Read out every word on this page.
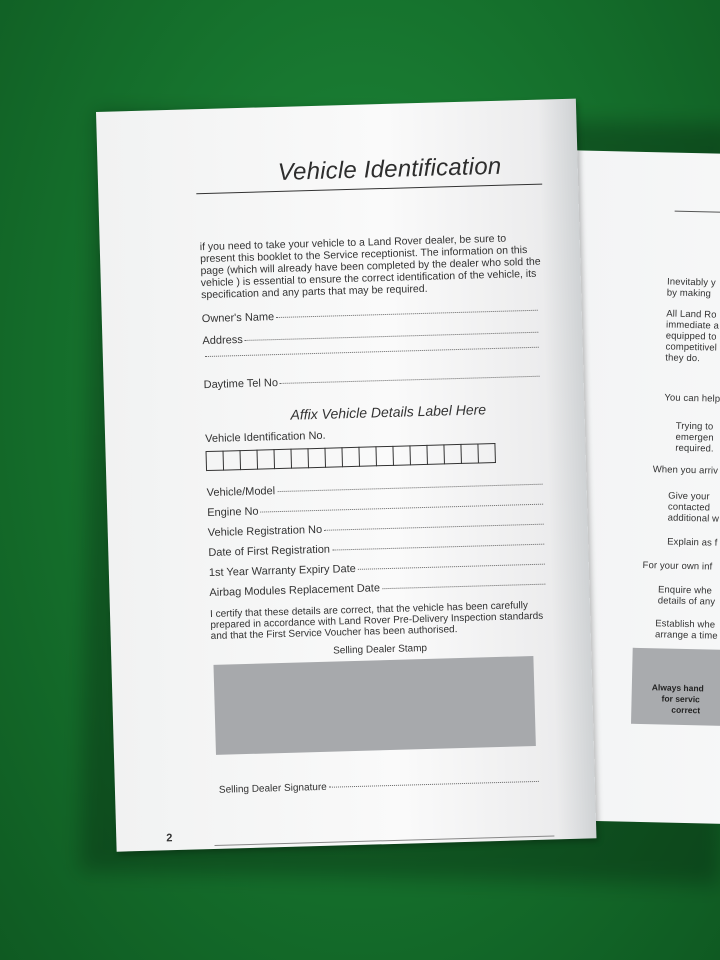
Inevitably y
by making
All Land Ro
immediate a
equipped to
competitivel
they do.
You can help
Trying to
emergen
required.
When you arriv
Give your
contacted
additional w
Explain as f
For your own inf
Enquire whe
details of any
Establish whe
arrange a time
Always hand
for servic
correct
Vehicle Identification
if you need to take your vehicle to a Land Rover dealer, be sure to present this booklet to the Service receptionist. The information on this page (which will already have been completed by the dealer who sold the vehicle ) is essential to ensure the correct identification of the vehicle, its specification and any parts that may be required.
Owner's Name
Address
Daytime Tel No
Affix Vehicle Details Label Here
Vehicle Identification No.
Vehicle/Model
Engine No
Vehicle Registration No
Date of First Registration
1st Year Warranty Expiry Date
Airbag Modules Replacement Date
I certify that these details are correct, that the vehicle has been carefully prepared in accordance with Land Rover Pre-Delivery Inspection standards and that the First Service Voucher has been authorised.
Selling Dealer Stamp
Selling Dealer Signature
2
